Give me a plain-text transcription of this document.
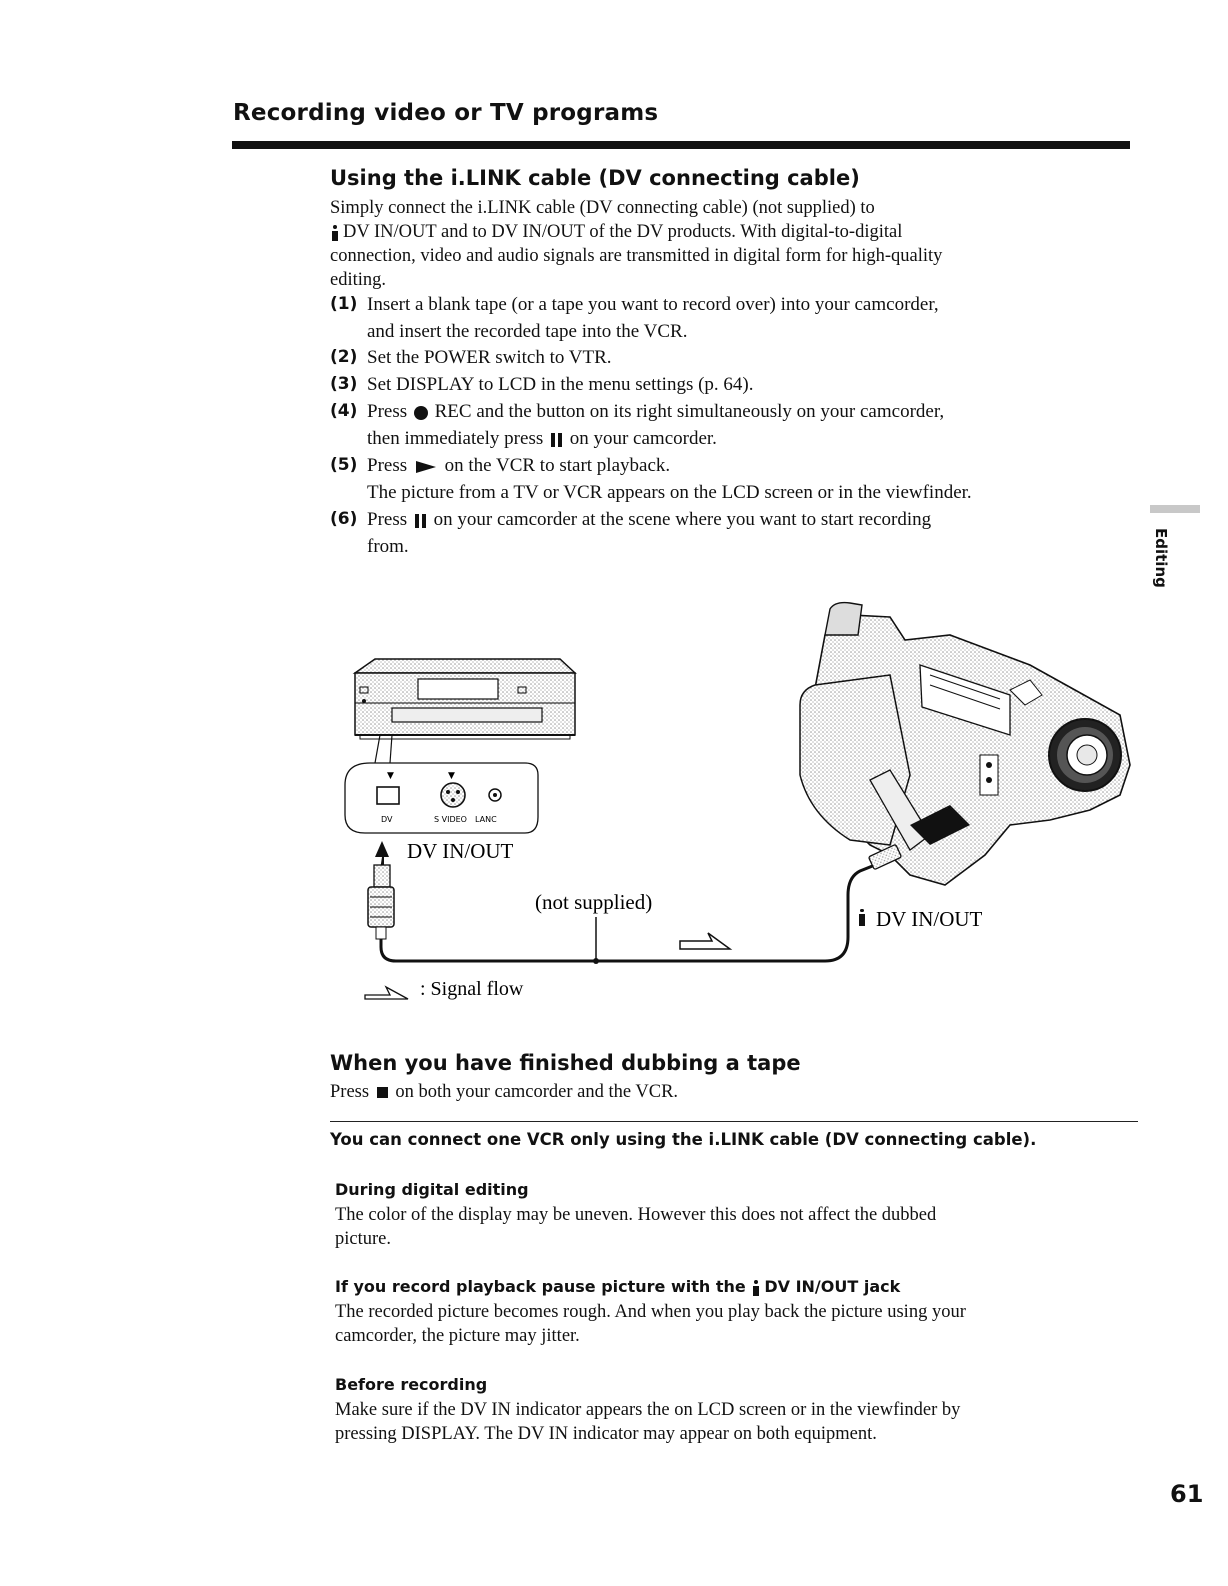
Recording video or TV programs
Using the i.LINK cable (DV connecting cable)
Simply connect the i.LINK cable (DV connecting cable) (not supplied) to
DV IN/OUT and to DV IN/OUT of the DV products. With digital-to-digital
connection, video and audio signals are transmitted in digital form for high-quality
editing.
(1) Insert a blank tape (or a tape you want to record over) into your camcorder,
and insert the recorded tape into the VCR.
(2) Set the POWER switch to VTR.
(3) Set DISPLAY to LCD in the menu settings (p. 64).
(4) Press REC and the button on its right simultaneously on your camcorder,
then immediately press on your camcorder.
(5) Press on the VCR to start playback.
The picture from a TV or VCR appears on the LCD screen or in the viewfinder.
(6) Press on your camcorder at the scene where you want to start recording
from.	Editing
▼	▼
DV	S VIDEO LANC
DV IN/OUT
(not supplied)
DV IN/OUT
: Signal flow
When you have finished dubbing a tape
Press on both your camcorder and the VCR.
You can connect one VCR only using the i.LINK cable (DV connecting cable).
During digital editing
The color of the display may be uneven. However this does not affect the dubbed
picture.
If you record playback pause picture with the DV IN/OUT jack
The recorded picture becomes rough. And when you play back the picture using your
camcorder, the picture may jitter.
Before recording
Make sure if the DV IN indicator appears the on LCD screen or in the viewfinder by
pressing DISPLAY. The DV IN indicator may appear on both equipment.
61
